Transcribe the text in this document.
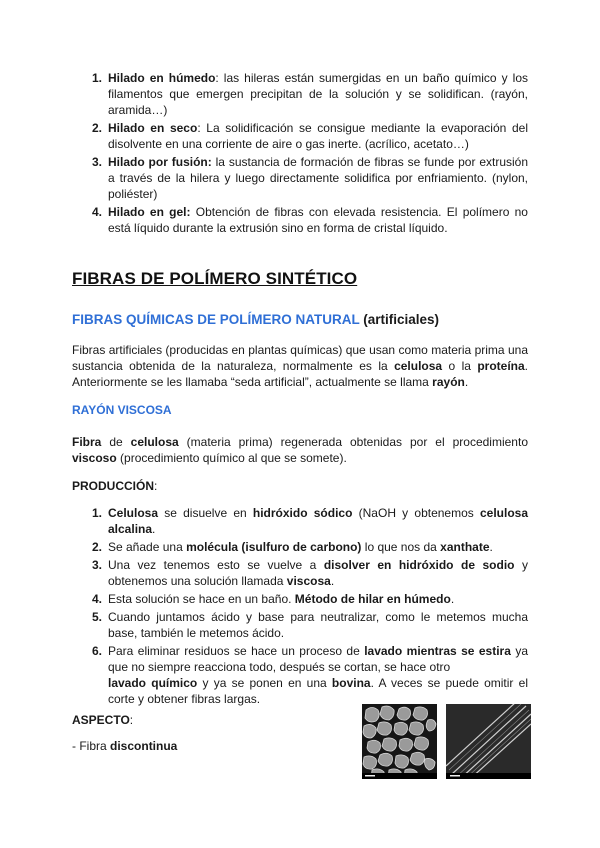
1. Hilado en húmedo: las hileras están sumergidas en un baño químico y los filamentos que emergen precipitan de la solución y se solidifican. (rayón, aramida…)
2. Hilado en seco: La solidificación se consigue mediante la evaporación del disolvente en una corriente de aire o gas inerte. (acrílico, acetato…)
3. Hilado por fusión: la sustancia de formación de fibras se funde por extrusión a través de la hilera y luego directamente solidifica por enfriamiento. (nylon, poliéster)
4. Hilado en gel: Obtención de fibras con elevada resistencia. El polímero no está líquido durante la extrusión sino en forma de cristal líquido.
FIBRAS DE POLÍMERO SINTÉTICO
FIBRAS QUÍMICAS DE POLÍMERO NATURAL (artificiales)
Fibras artificiales (producidas en plantas químicas) que usan como materia prima una sustancia obtenida de la naturaleza, normalmente es la celulosa o la proteína. Anteriormente se les llamaba “seda artificial”, actualmente se llama rayón.
RAYÓN VISCOSA
Fibra de celulosa (materia prima) regenerada obtenidas por el procedimiento viscoso (procedimiento químico al que se somete).
PRODUCCIÓN:
1. Celulosa se disuelve en hidróxido sódico (NaOH y obtenemos celulosa alcalina.
2. Se añade una molécula (isulfuro de carbono) lo que nos da xanthate.
3. Una vez tenemos esto se vuelve a disolver en hidróxido de sodio y obtenemos una solución llamada viscosa.
4. Esta solución se hace en un baño. Método de hilar en húmedo.
5. Cuando juntamos ácido y base para neutralizar, como le metemos mucha base, también le metemos ácido.
6. Para eliminar residuos se hace un proceso de lavado mientras se estira ya que no siempre reacciona todo, después se cortan, se hace otro
lavado químico y ya se ponen en una bovina. A veces se puede omitir el corte y obtener fibras largas.
ASPECTO:
- Fibra discontinua
